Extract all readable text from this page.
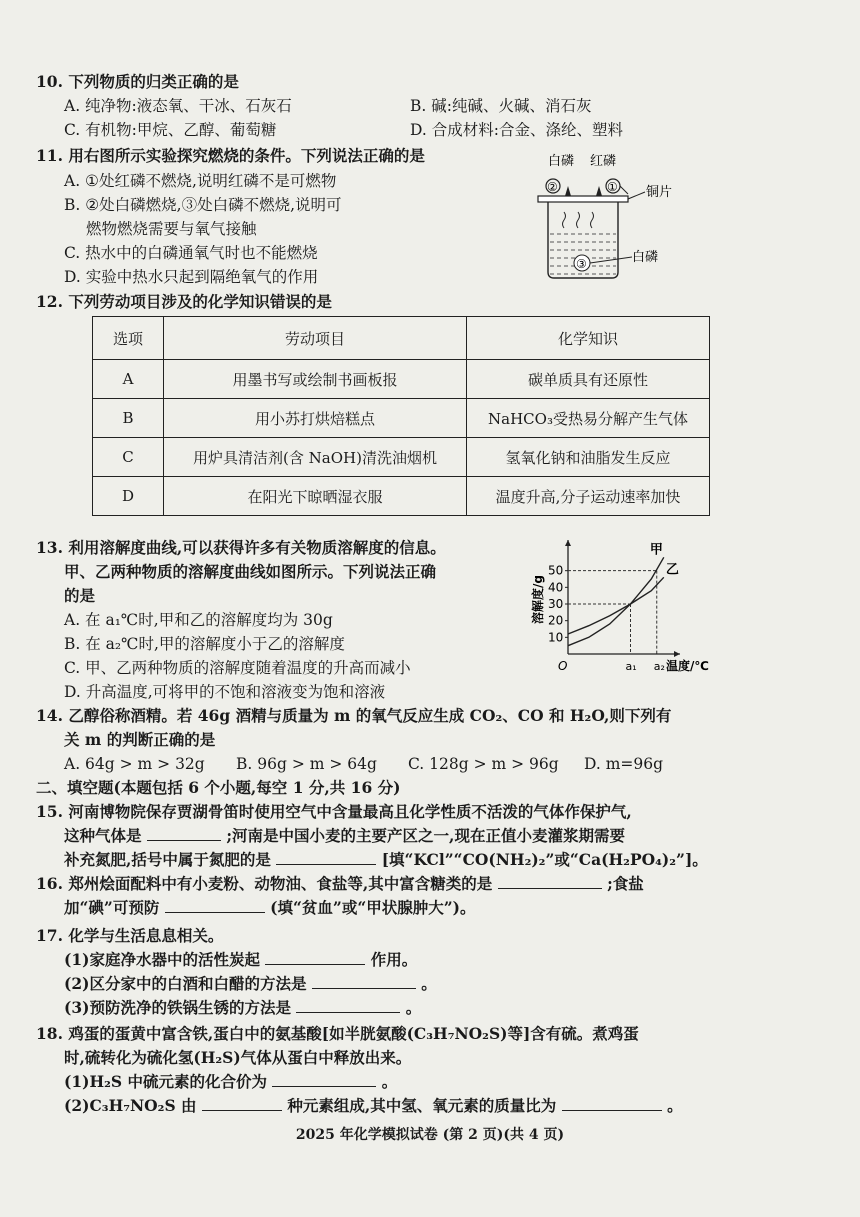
10. 下列物质的归类正确的是
A. 纯净物:液态氧、干冰、石灰石	B. 碱:纯碱、火碱、消石灰
C. 有机物:甲烷、乙醇、葡萄糖	D. 合成材料:合金、涤纶、塑料
11. 用右图所示实验探究燃烧的条件。下列说法正确的是
A. ①处红磷不燃烧,说明红磷不是可燃物
B. ②处白磷燃烧,③处白磷不燃烧,说明可
燃物燃烧需要与氧气接触
C. 热水中的白磷通氧气时也不能燃烧
D. 实验中热水只起到隔绝氧气的作用
白磷 红磷
②	① 铜片
③	白磷
12. 下列劳动项目涉及的化学知识错误的是
选项	劳动项目	化学知识
A	用墨书写或绘制书画板报	碳单质具有还原性
B	用小苏打烘焙糕点	NaHCO₃受热易分解产生气体
C	用炉具清洁剂(含 NaOH)清洗油烟机	氢氧化钠和油脂发生反应
D	在阳光下晾晒湿衣服	温度升高,分子运动速率加快
13. 利用溶解度曲线,可以获得许多有关物质溶解度的信息。
甲、乙两种物质的溶解度曲线如图所示。下列说法正确
的是
A. 在 a₁℃时,甲和乙的溶解度均为 30g
B. 在 a₂℃时,甲的溶解度小于乙的溶解度
C. 甲、乙两种物质的溶解度随着温度的升高而减小
D. 升高温度,可将甲的不饱和溶液变为饱和溶液
10
20
30
40
50
甲
乙
a₁ a₂ 温度/℃
O
溶解度/g
14. 乙醇俗称酒精。若 46g 酒精与质量为 m 的氧气反应生成 CO₂、CO 和 H₂O,则下列有
关 m 的判断正确的是
A. 64g > m > 32g B. 96g > m > 64g C. 128g > m > 96g D. m=96g
二、填空题(本题包括 6 个小题,每空 1 分,共 16 分)
15. 河南博物院保存贾湖骨笛时使用空气中含量最高且化学性质不活泼的气体作保护气,
这种气体是	;河南是中国小麦的主要产区之一,现在正值小麦灌浆期需要
补充氮肥,括号中属于氮肥的是	[填“KCl”“CO(NH₂)₂”或“Ca(H₂PO₄)₂”]。
16. 郑州烩面配料中有小麦粉、动物油、食盐等,其中富含糖类的是	;食盐
加“碘”可预防	(填“贫血”或“甲状腺肿大”)。
17. 化学与生活息息相关。
(1)家庭净水器中的活性炭起	作用。
(2)区分家中的白酒和白醋的方法是	。
(3)预防洗净的铁锅生锈的方法是	。
18. 鸡蛋的蛋黄中富含铁,蛋白中的氨基酸[如半胱氨酸(C₃H₇NO₂S)等]含有硫。煮鸡蛋
时,硫转化为硫化氢(H₂S)气体从蛋白中释放出来。
(1)H₂S 中硫元素的化合价为	。
(2)C₃H₇NO₂S 由	种元素组成,其中氢、氧元素的质量比为	。
2025 年化学模拟试卷 (第 2 页)(共 4 页)
